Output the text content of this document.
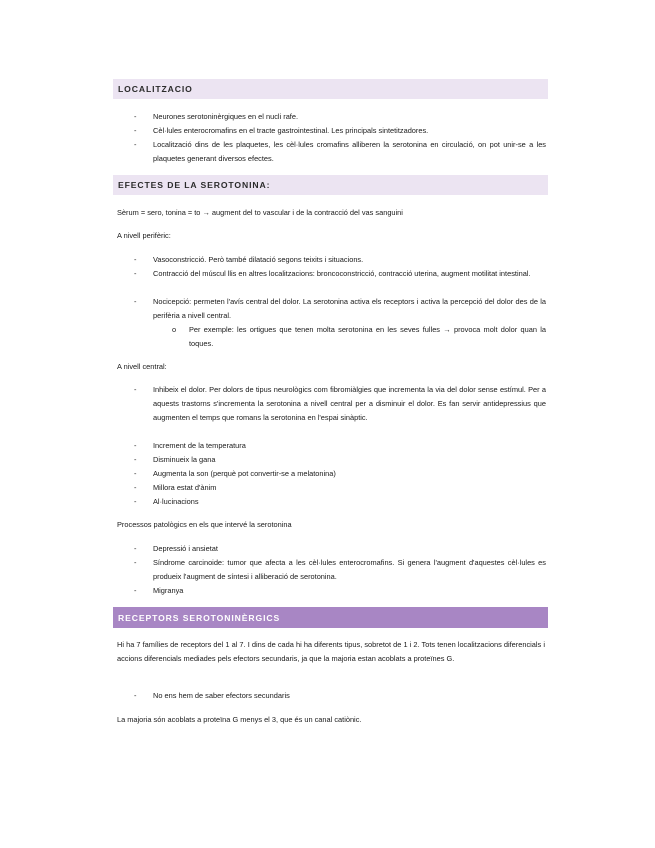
LOCALITZACIO
- Neurones serotoninèrgiques en el nucli rafe.
- Cèl·lules enterocromafins en el tracte gastrointestinal. Les principals sintetitzadores.
- Localització dins de les plaquetes, les cèl·lules cromafins alliberen la serotonina en circulació, on pot unir-se a les plaquetes generant diversos efectes.
EFECTES DE LA SEROTONINA:
Sèrum = sero, tonina = to → augment del to vascular i de la contracció del vas sanguini
A nivell perifèric:
- Vasoconstricció. Però també dilatació segons teixits i situacions.
- Contracció del múscul llis en altres localitzacions: broncoconstricció, contracció uterina, augment motilitat intestinal.
- Nocicepció: permeten l'avís central del dolor. La serotonina activa els receptors i activa la percepció del dolor des de la perifèria a nivell central.
o Per exemple: les ortigues que tenen molta serotonina en les seves fulles → provoca molt dolor quan la toques.
A nivell central:
- Inhibeix el dolor. Per dolors de tipus neurològics com fibromiàlgies que incrementa la via del dolor sense estímul. Per a aquests trastorns s'incrementa la serotonina a nivell central per a disminuir el dolor. Es fan servir antidepressius que augmenten el temps que romans la serotonina en l'espai sinàptic.
- Increment de la temperatura
- Disminueix la gana
- Augmenta la son (perquè pot convertir-se a melatonina)
- Millora estat d'ànim
- Al·lucinacions
Processos patològics en els que intervé la serotonina
- Depressió i ansietat
- Síndrome carcinoide: tumor que afecta a les cèl·lules enterocromafins. Si genera l'augment d'aquestes cèl·lules es produeix l'augment de síntesi i alliberació de serotonina.
- Migranya
RECEPTORS SEROTONINÈRGICS
Hi ha 7 famílies de receptors del 1 al 7. I dins de cada hi ha diferents tipus, sobretot de 1 i 2. Tots tenen localitzacions diferencials i accions diferencials mediades pels efectors secundaris, ja que la majoria estan acoblats a proteïnes G.
- No ens hem de saber efectors secundaris
La majoria són acoblats a proteïna G menys el 3, que és un canal catiònic.
